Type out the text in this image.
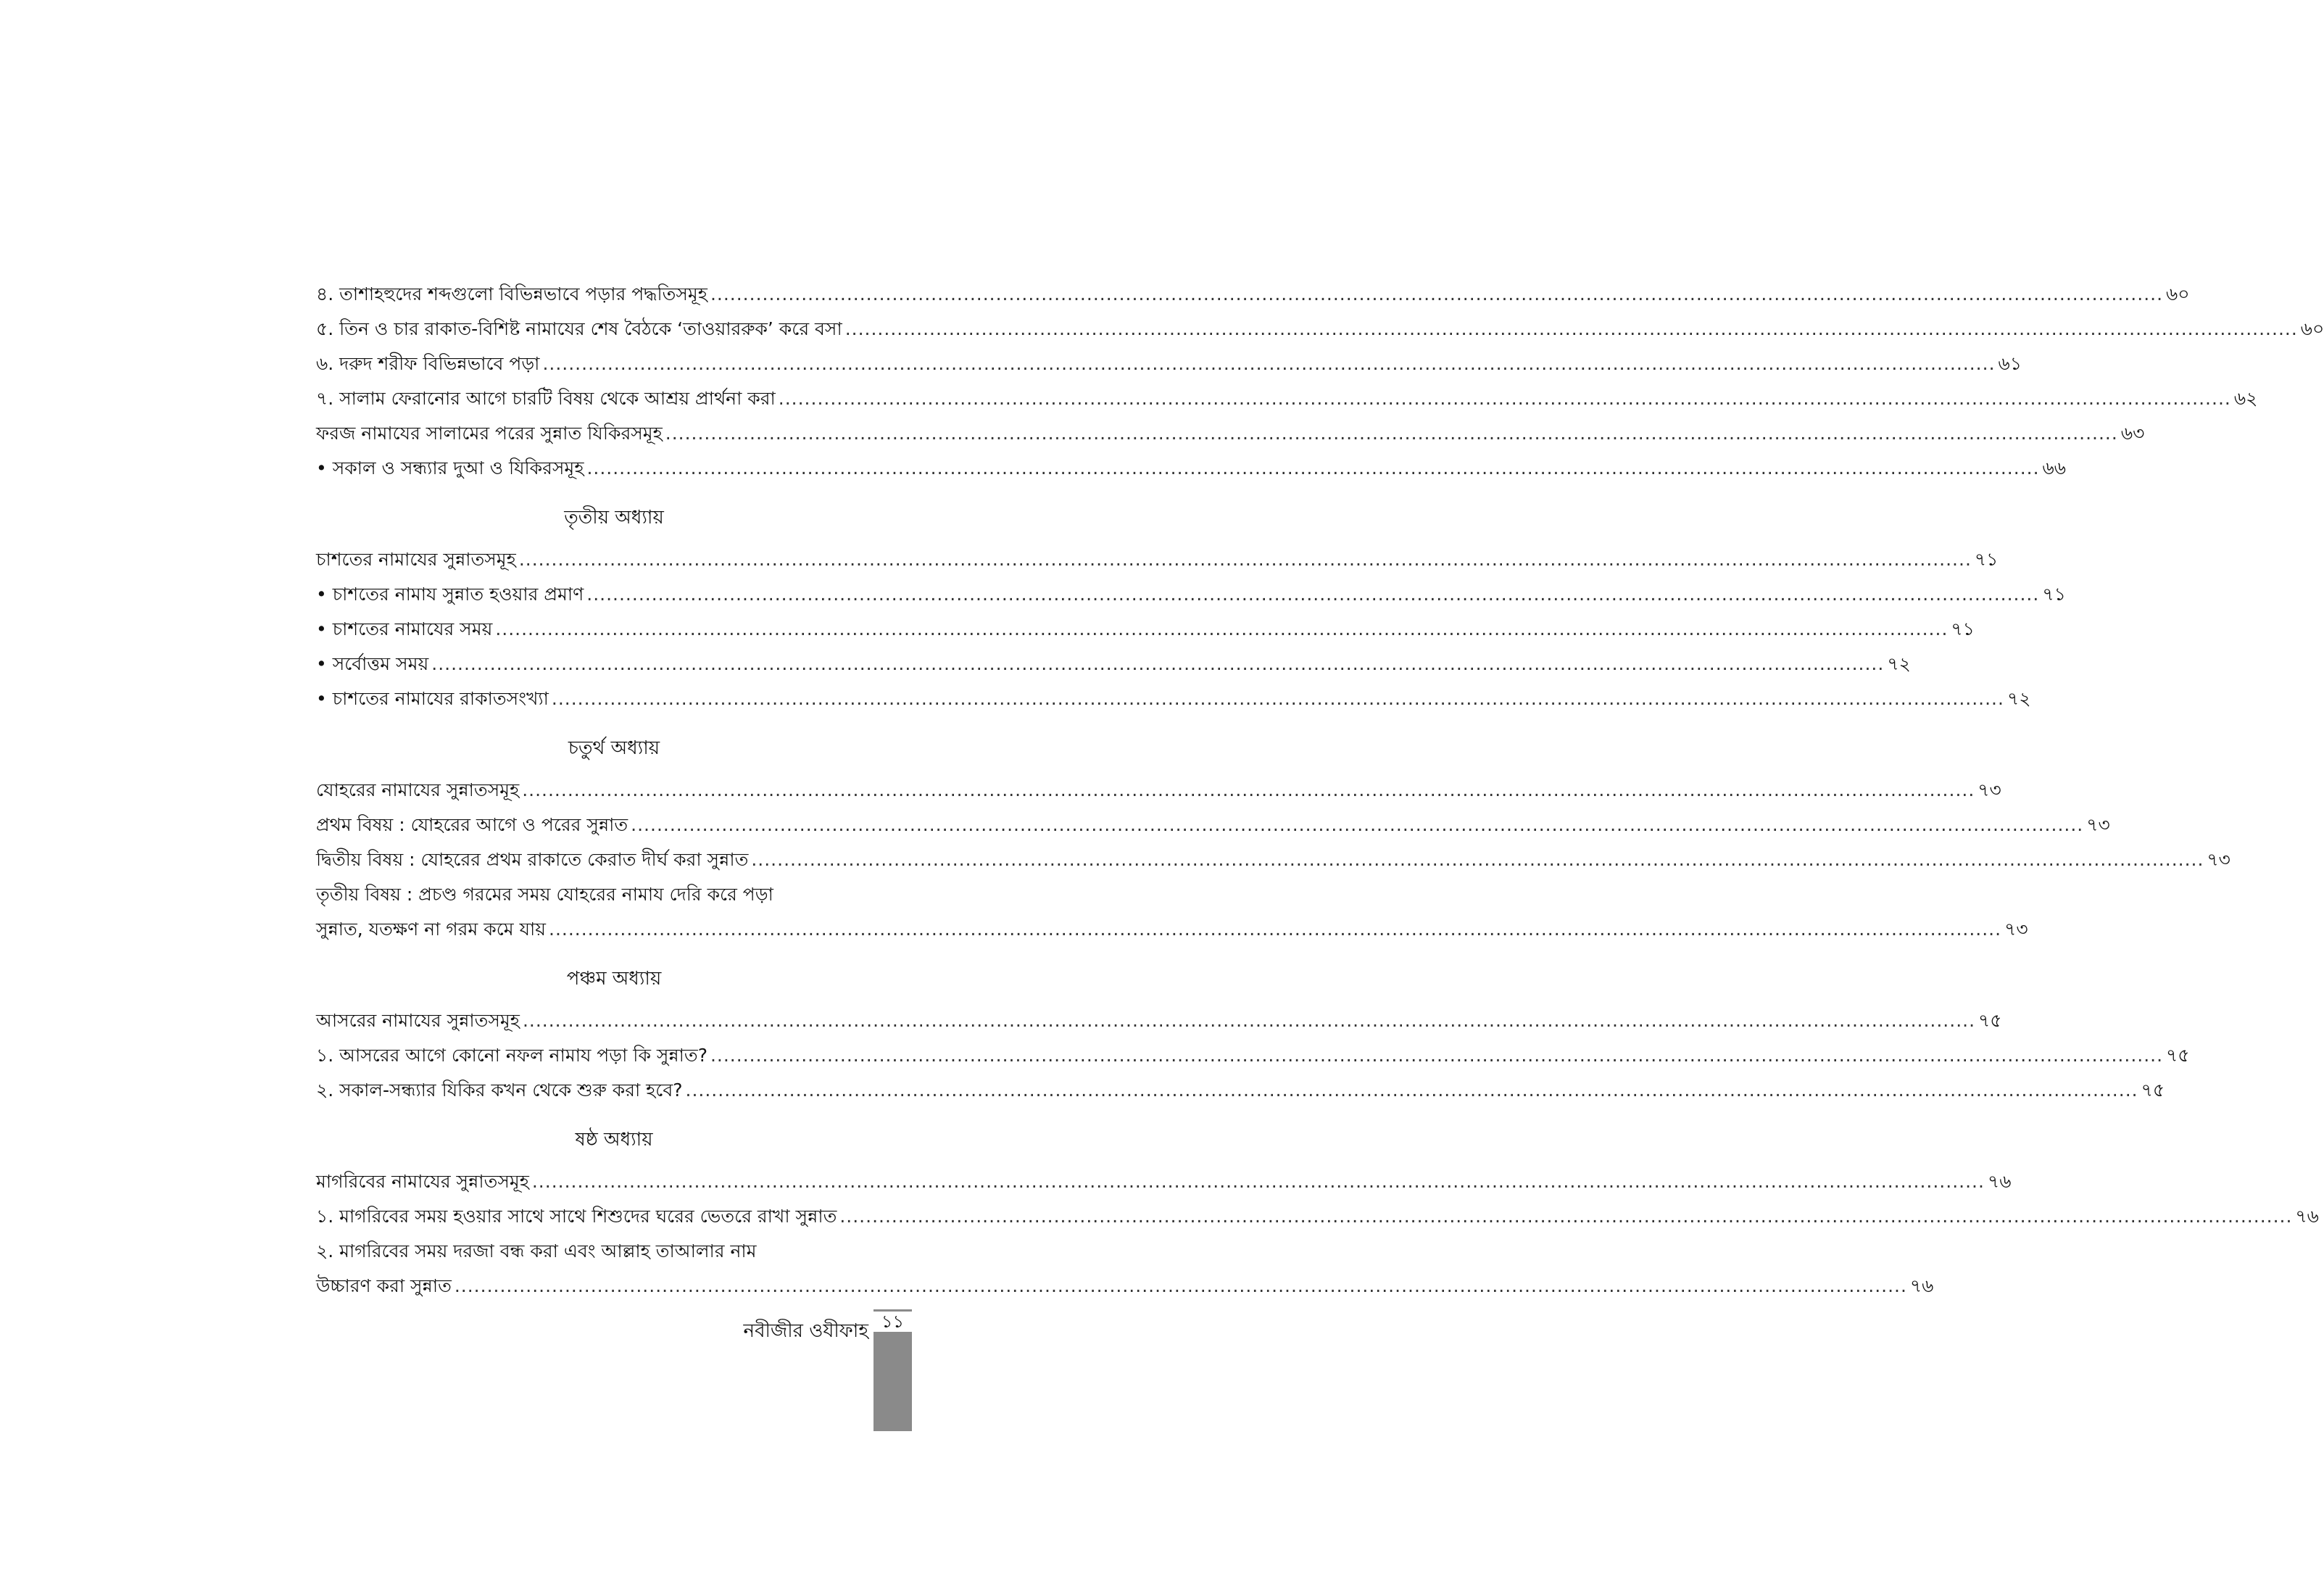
৪. তাশাহহুদের শব্দগুলো বিভিন্নভাবে পড়ার পদ্ধতিসমূহ .....	৬০
৫. তিন ও চার রাকাত-বিশিষ্ট নামাযের শেষ বৈঠকে ‘তাওয়াররুক’ করে বসা .....	৬০
৬. দরুদ শরীফ বিভিন্নভাবে পড়া .....	৬১
৭. সালাম ফেরানোর আগে চারটি বিষয় থেকে আশ্রয় প্রার্থনা করা .....	৬২
ফরজ নামাযের সালামের পরের সুন্নাত যিকিরসমূহ .....	৬৩
• সকাল ও সন্ধ্যার দুআ ও যিকিরসমূহ .....	৬৬
তৃতীয় অধ্যায়
চাশতের নামাযের সুন্নাতসমূহ .....	৭১
• চাশতের নামায সুন্নাত হওয়ার প্রমাণ .....	৭১
• চাশতের নামাযের সময় .....	৭১
• সর্বোত্তম সময় .....	৭২
• চাশতের নামাযের রাকাতসংখ্যা .....	৭২
চতুর্থ অধ্যায়
যোহরের নামাযের সুন্নাতসমূহ .....	৭৩
প্রথম বিষয় : যোহরের আগে ও পরের সুন্নাত .....	৭৩
দ্বিতীয় বিষয় : যোহরের প্রথম রাকাতে কেরাত দীর্ঘ করা সুন্নাত .....	৭৩
তৃতীয় বিষয় : প্রচণ্ড গরমের সময় যোহরের নামায দেরি করে পড়া
সুন্নাত, যতক্ষণ না গরম কমে যায় .....	৭৩
পঞ্চম অধ্যায়
আসরের নামাযের সুন্নাতসমূহ .....	৭৫
১. আসরের আগে কোনো নফল নামায পড়া কি সুন্নাত? .....	৭৫
২. সকাল-সন্ধ্যার যিকির কখন থেকে শুরু করা হবে? .....	৭৫
ষষ্ঠ অধ্যায়
মাগরিবের নামাযের সুন্নাতসমূহ .....	৭৬
১. মাগরিবের সময় হওয়ার সাথে সাথে শিশুদের ঘরের ভেতরে রাখা সুন্নাত .....	৭৬
২. মাগরিবের সময় দরজা বন্ধ করা এবং আল্লাহ তাআলার নাম
উচ্চারণ করা সুন্নাত .....	৭৬
নবীজীর ওযীফাহ ১১
